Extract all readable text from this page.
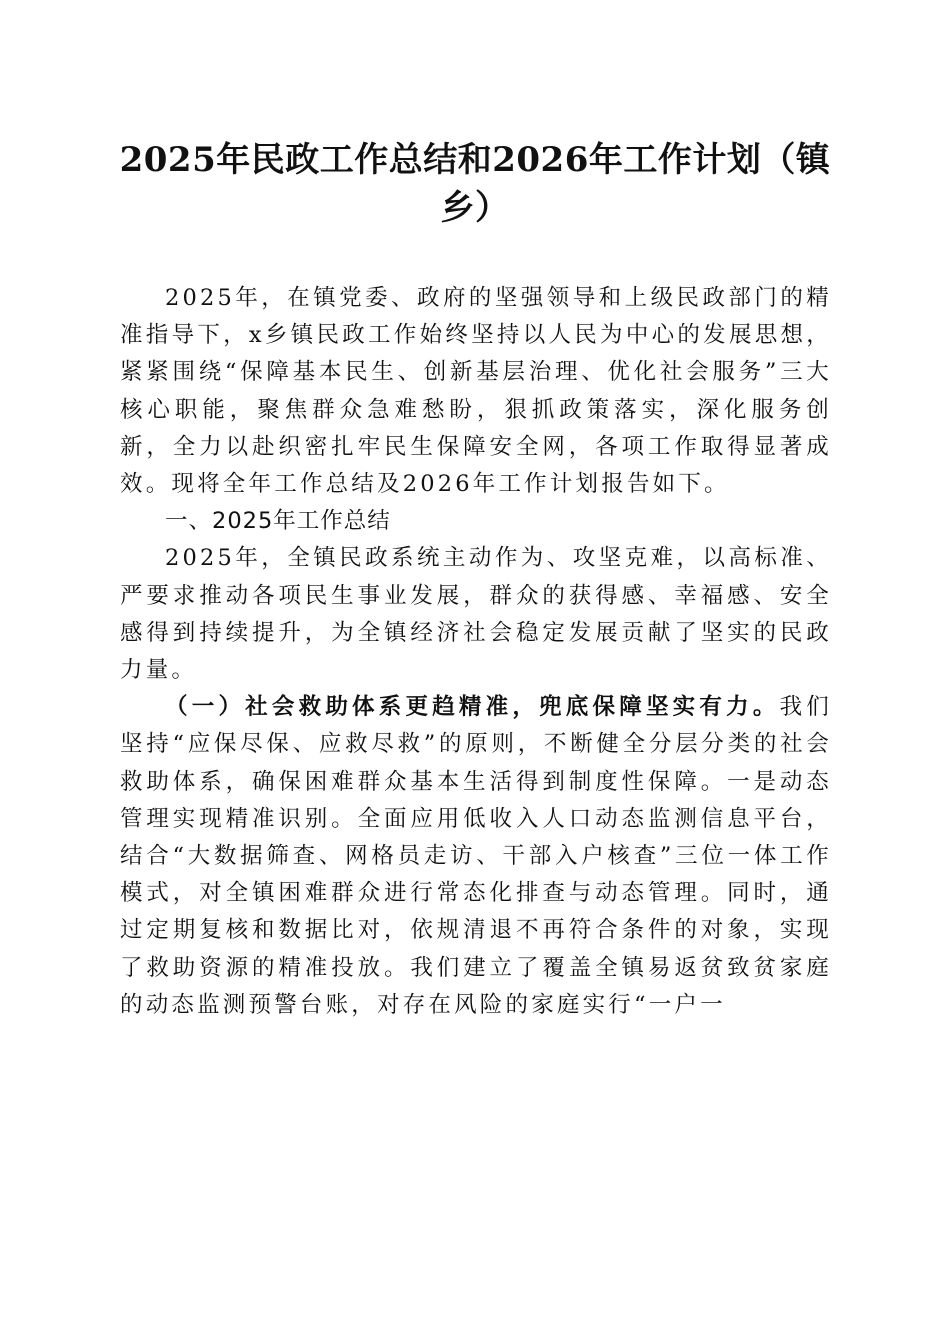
2025年民政工作总结和2026年工作计划（镇乡）

2025年，在镇党委、政府的坚强领导和上级民政部门的精准指导下，x乡镇民政工作始终坚持以人民为中心的发展思想，紧紧围绕“保障基本民生、创新基层治理、优化社会服务”三大核心职能，聚焦群众急难愁盼，狠抓政策落实，深化服务创新，全力以赴织密扎牢民生保障安全网，各项工作取得显著成效。现将全年工作总结及2026年工作计划报告如下。

一、2025年工作总结

2025年，全镇民政系统主动作为、攻坚克难，以高标准、严要求推动各项民生事业发展，群众的获得感、幸福感、安全感得到持续提升，为全镇经济社会稳定发展贡献了坚实的民政力量。

（一）社会救助体系更趋精准，兜底保障坚实有力。我们坚持“应保尽保、应救尽救”的原则，不断健全分层分类的社会救助体系，确保困难群众基本生活得到制度性保障。一是动态管理实现精准识别。全面应用低收入人口动态监测信息平台，结合“大数据筛查、网格员走访、干部入户核查”三位一体工作模式，对全镇困难群众进行常态化排查与动态管理。同时，通过定期复核和数据比对，依规清退不再符合条件的对象，实现了救助资源的精准投放。我们建立了覆盖全镇易返贫致贫家庭的动态监测预警台账，对存在风险的家庭实行“一户一
